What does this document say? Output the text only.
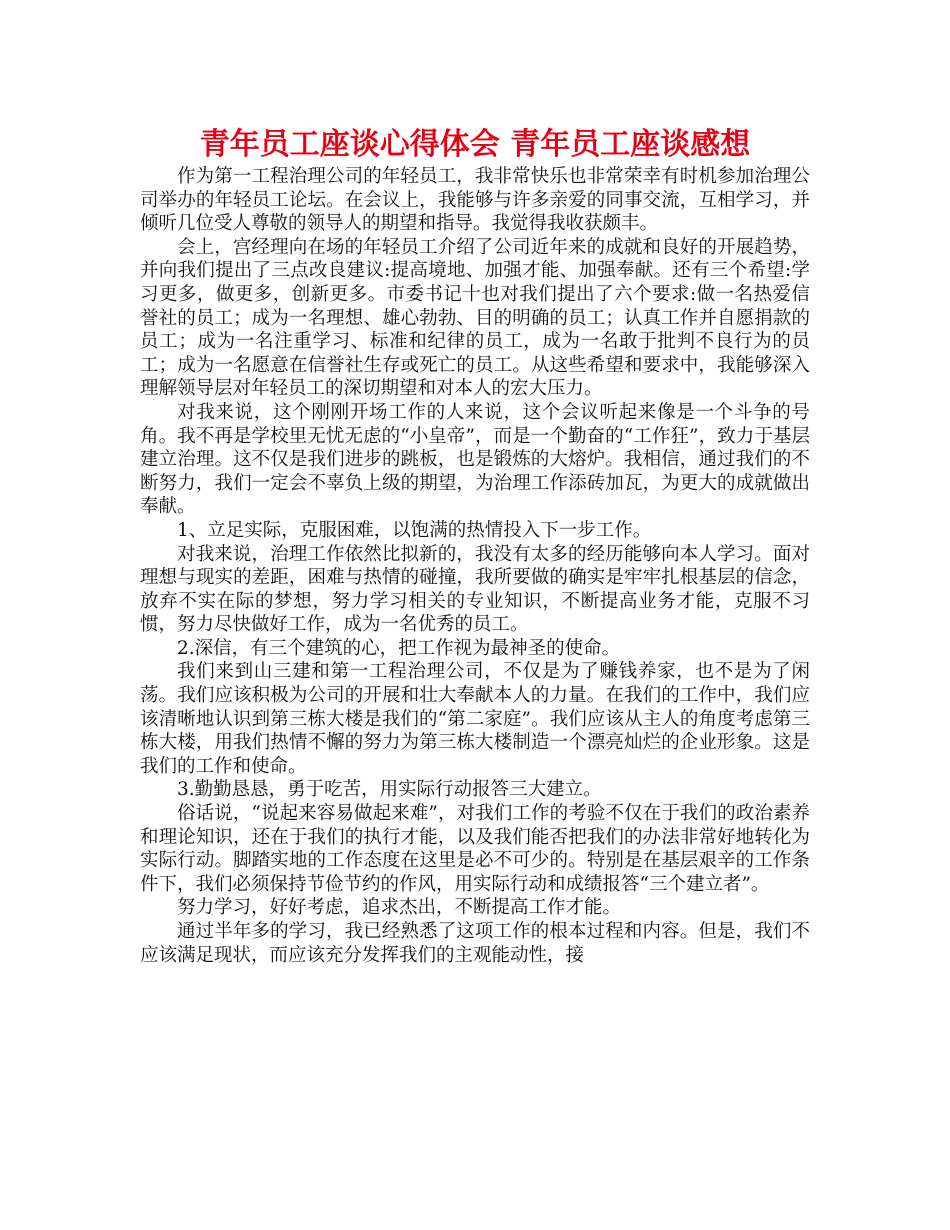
青年员工座谈心得体会 青年员工座谈感想

作为第一工程治理公司的年轻员工，我非常快乐也非常荣幸有时机参加治理公司举办的年轻员工论坛。在会议上，我能够与许多亲爱的同事交流，互相学习，并倾听几位受人尊敬的领导人的期望和指导。我觉得我收获颇丰。

会上，宫经理向在场的年轻员工介绍了公司近年来的成就和良好的开展趋势，并向我们提出了三点改良建议:提高境地、加强才能、加强奉献。还有三个希望:学习更多，做更多，创新更多。市委书记十也对我们提出了六个要求:做一名热爱信誉社的员工；成为一名理想、雄心勃勃、目的明确的员工；认真工作并自愿捐款的员工；成为一名注重学习、标准和纪律的员工，成为一名敢于批判不良行为的员工；成为一名愿意在信誉社生存或死亡的员工。从这些希望和要求中，我能够深入理解领导层对年轻员工的深切期望和对本人的宏大压力。

对我来说，这个刚刚开场工作的人来说，这个会议听起来像是一个斗争的号角。我不再是学校里无忧无虑的“小皇帝”，而是一个勤奋的“工作狂”，致力于基层建立治理。这不仅是我们进步的跳板，也是锻炼的大熔炉。我相信，通过我们的不断努力，我们一定会不辜负上级的期望，为治理工作添砖加瓦，为更大的成就做出奉献。

1、立足实际，克服困难，以饱满的热情投入下一步工作。

对我来说，治理工作依然比拟新的，我没有太多的经历能够向本人学习。面对理想与现实的差距，困难与热情的碰撞，我所要做的确实是牢牢扎根基层的信念，放弃不实在际的梦想，努力学习相关的专业知识，不断提高业务才能，克服不习惯，努力尽快做好工作，成为一名优秀的员工。

2.深信，有三个建筑的心，把工作视为最神圣的使命。

我们来到山三建和第一工程治理公司，不仅是为了赚钱养家，也不是为了闲荡。我们应该积极为公司的开展和壮大奉献本人的力量。在我们的工作中，我们应该清晰地认识到第三栋大楼是我们的“第二家庭”。我们应该从主人的角度考虑第三栋大楼，用我们热情不懈的努力为第三栋大楼制造一个漂亮灿烂的企业形象。这是我们的工作和使命。

3.勤勤恳恳，勇于吃苦，用实际行动报答三大建立。

俗话说，“说起来容易做起来难”，对我们工作的考验不仅在于我们的政治素养和理论知识，还在于我们的执行才能，以及我们能否把我们的办法非常好地转化为实际行动。脚踏实地的工作态度在这里是必不可少的。特别是在基层艰辛的工作条件下，我们必须保持节俭节约的作风，用实际行动和成绩报答“三个建立者”。

努力学习，好好考虑，追求杰出，不断提高工作才能。

通过半年多的学习，我已经熟悉了这项工作的根本过程和内容。但是，我们不应该满足现状，而应该充分发挥我们的主观能动性，接
